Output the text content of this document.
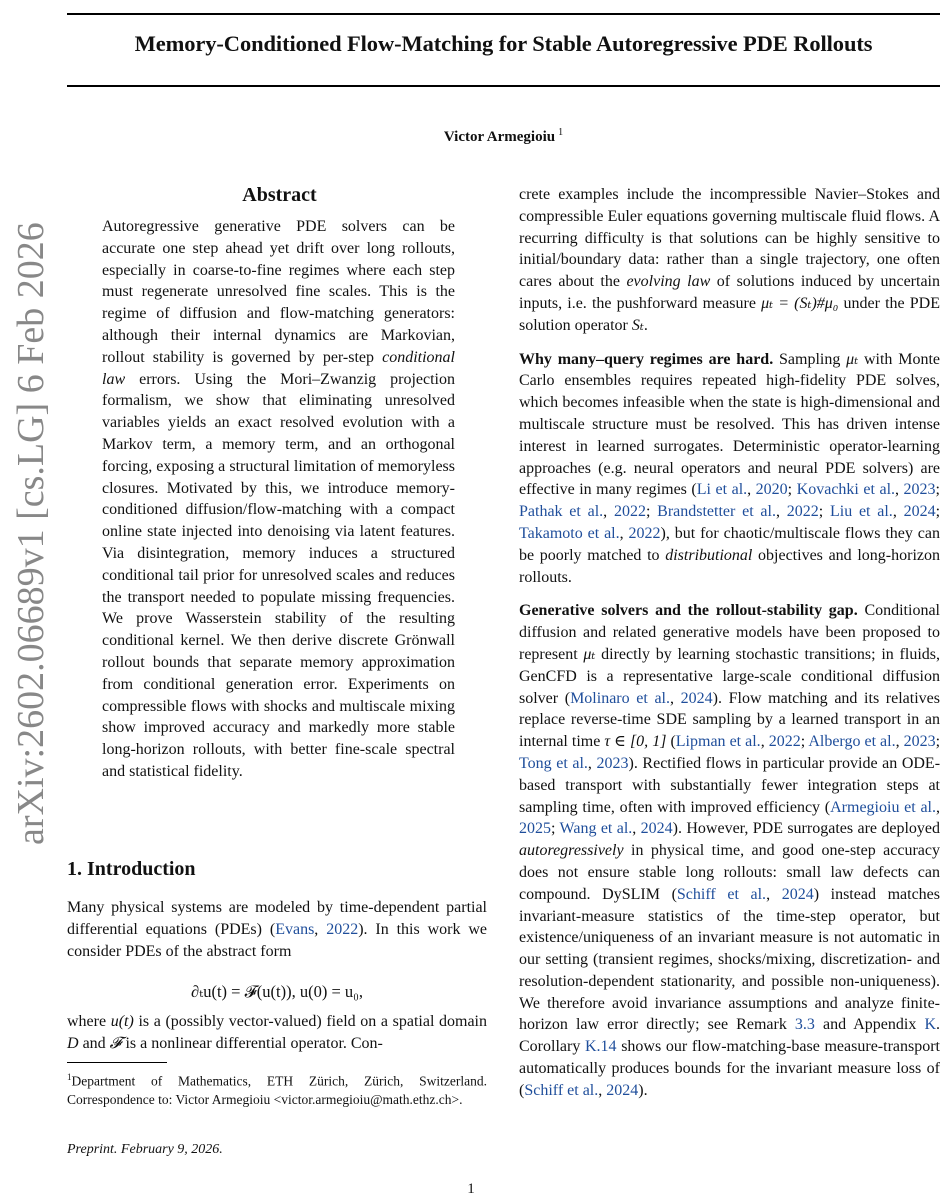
Memory-Conditioned Flow-Matching for Stable Autoregressive PDE Rollouts
Victor Armegioiu $^1$
arXiv:2602.06689v1 [cs.LG] 6 Feb 2026
Abstract
Autoregressive generative PDE solvers can be accurate one step ahead yet drift over long rollouts, especially in coarse-to-fine regimes where each step must regenerate unresolved fine scales. This is the regime of diffusion and flow-matching generators: although their internal dynamics are Markovian, rollout stability is governed by per-step conditional law errors. Using the Mori–Zwanzig projection formalism, we show that eliminating unresolved variables yields an exact resolved evolution with a Markov term, a memory term, and an orthogonal forcing, exposing a structural limitation of memoryless closures. Motivated by this, we introduce memory-conditioned diffusion/flow-matching with a compact online state injected into denoising via latent features. Via disintegration, memory induces a structured conditional tail prior for unresolved scales and reduces the transport needed to populate missing frequencies. We prove Wasserstein stability of the resulting conditional kernel. We then derive discrete Grönwall rollout bounds that separate memory approximation from conditional generation error. Experiments on compressible flows with shocks and multiscale mixing show improved accuracy and markedly more stable long-horizon rollouts, with better fine-scale spectral and statistical fidelity.
1. Introduction
Many physical systems are modeled by time-dependent partial differential equations (PDEs) (Evans, 2022). In this work we consider PDEs of the abstract form
∂ₜu(t) = 𝓕(u(t)), u(0) = u₀,
where u(t) is a (possibly vector-valued) field on a spatial domain D and 𝓕 is a nonlinear differential operator. Con-
$^1$Department of Mathematics, ETH Zürich, Zürich, Switzerland. Correspondence to: Victor Armegioiu <victor.armegioiu@math.ethz.ch>.
Preprint. February 9, 2026.
crete examples include the incompressible Navier–Stokes and compressible Euler equations governing multiscale fluid flows. A recurring difficulty is that solutions can be highly sensitive to initial/boundary data: rather than a single trajectory, one often cares about the evolving law of solutions induced by uncertain inputs, i.e. the pushforward measure μₜ = (Sₜ)#μ₀ under the PDE solution operator Sₜ.
Why many–query regimes are hard. Sampling μₜ with Monte Carlo ensembles requires repeated high-fidelity PDE solves, which becomes infeasible when the state is high-dimensional and multiscale structure must be resolved. This has driven intense interest in learned surrogates. Deterministic operator-learning approaches (e.g. neural operators and neural PDE solvers) are effective in many regimes (Li et al., 2020; Kovachki et al., 2023; Pathak et al., 2022; Brandstetter et al., 2022; Liu et al., 2024; Takamoto et al., 2022), but for chaotic/multiscale flows they can be poorly matched to distributional objectives and long-horizon rollouts.
Generative solvers and the rollout-stability gap. Conditional diffusion and related generative models have been proposed to represent μₜ directly by learning stochastic transitions; in fluids, GenCFD is a representative large-scale conditional diffusion solver (Molinaro et al., 2024). Flow matching and its relatives replace reverse-time SDE sampling by a learned transport in an internal time τ ∈ [0, 1] (Lipman et al., 2022; Albergo et al., 2023; Tong et al., 2023). Rectified flows in particular provide an ODE-based transport with substantially fewer integration steps at sampling time, often with improved efficiency (Armegioiu et al., 2025; Wang et al., 2024). However, PDE surrogates are deployed autoregressively in physical time, and good one-step accuracy does not ensure stable long rollouts: small law defects can compound. DySLIM (Schiff et al., 2024) instead matches invariant-measure statistics of the time-step operator, but existence/uniqueness of an invariant measure is not automatic in our setting (transient regimes, shocks/mixing, discretization- and resolution-dependent stationarity, and possible non-uniqueness). We therefore avoid invariance assumptions and analyze finite-horizon law error directly; see Remark 3.3 and Appendix K. Corollary K.14 shows our flow-matching-base measure-transport automatically produces bounds for the invariant measure loss of (Schiff et al., 2024).
1
